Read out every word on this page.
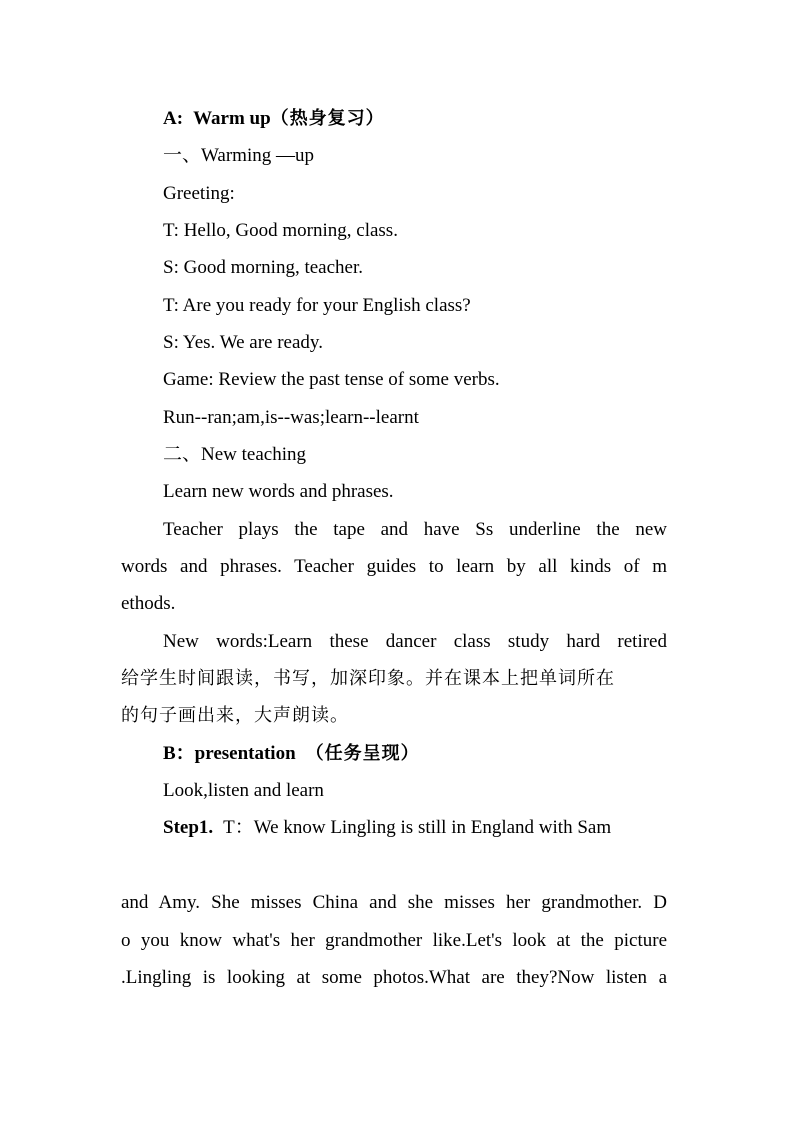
A: Warm up（热身复习）
一、Warming —up
Greeting:
T: Hello, Good morning, class.
S: Good morning, teacher.
T: Are you ready for your English class?
S: Yes. We are ready.
Game: Review the past tense of some verbs.
Run--ran;am,is--was;learn--learnt
二、New teaching
Learn new words and phrases.
Teacher plays the tape and have Ss underline the new
words and phrases. Teacher guides to learn by all kinds of m
ethods.
New words:Learn these dancer class study hard retired
给学生时间跟读，书写，加深印象。并在课本上把单词所在
的句子画出来，大声朗读。
B：presentation （任务呈现）
Look,listen and learn
Step1. T：We know Lingling is still in England with Sam
and Amy. She misses China and she misses her grandmother. D
o you know what's her grandmother like.Let's look at the picture
.Lingling is looking at some photos.What are they?Now listen a
